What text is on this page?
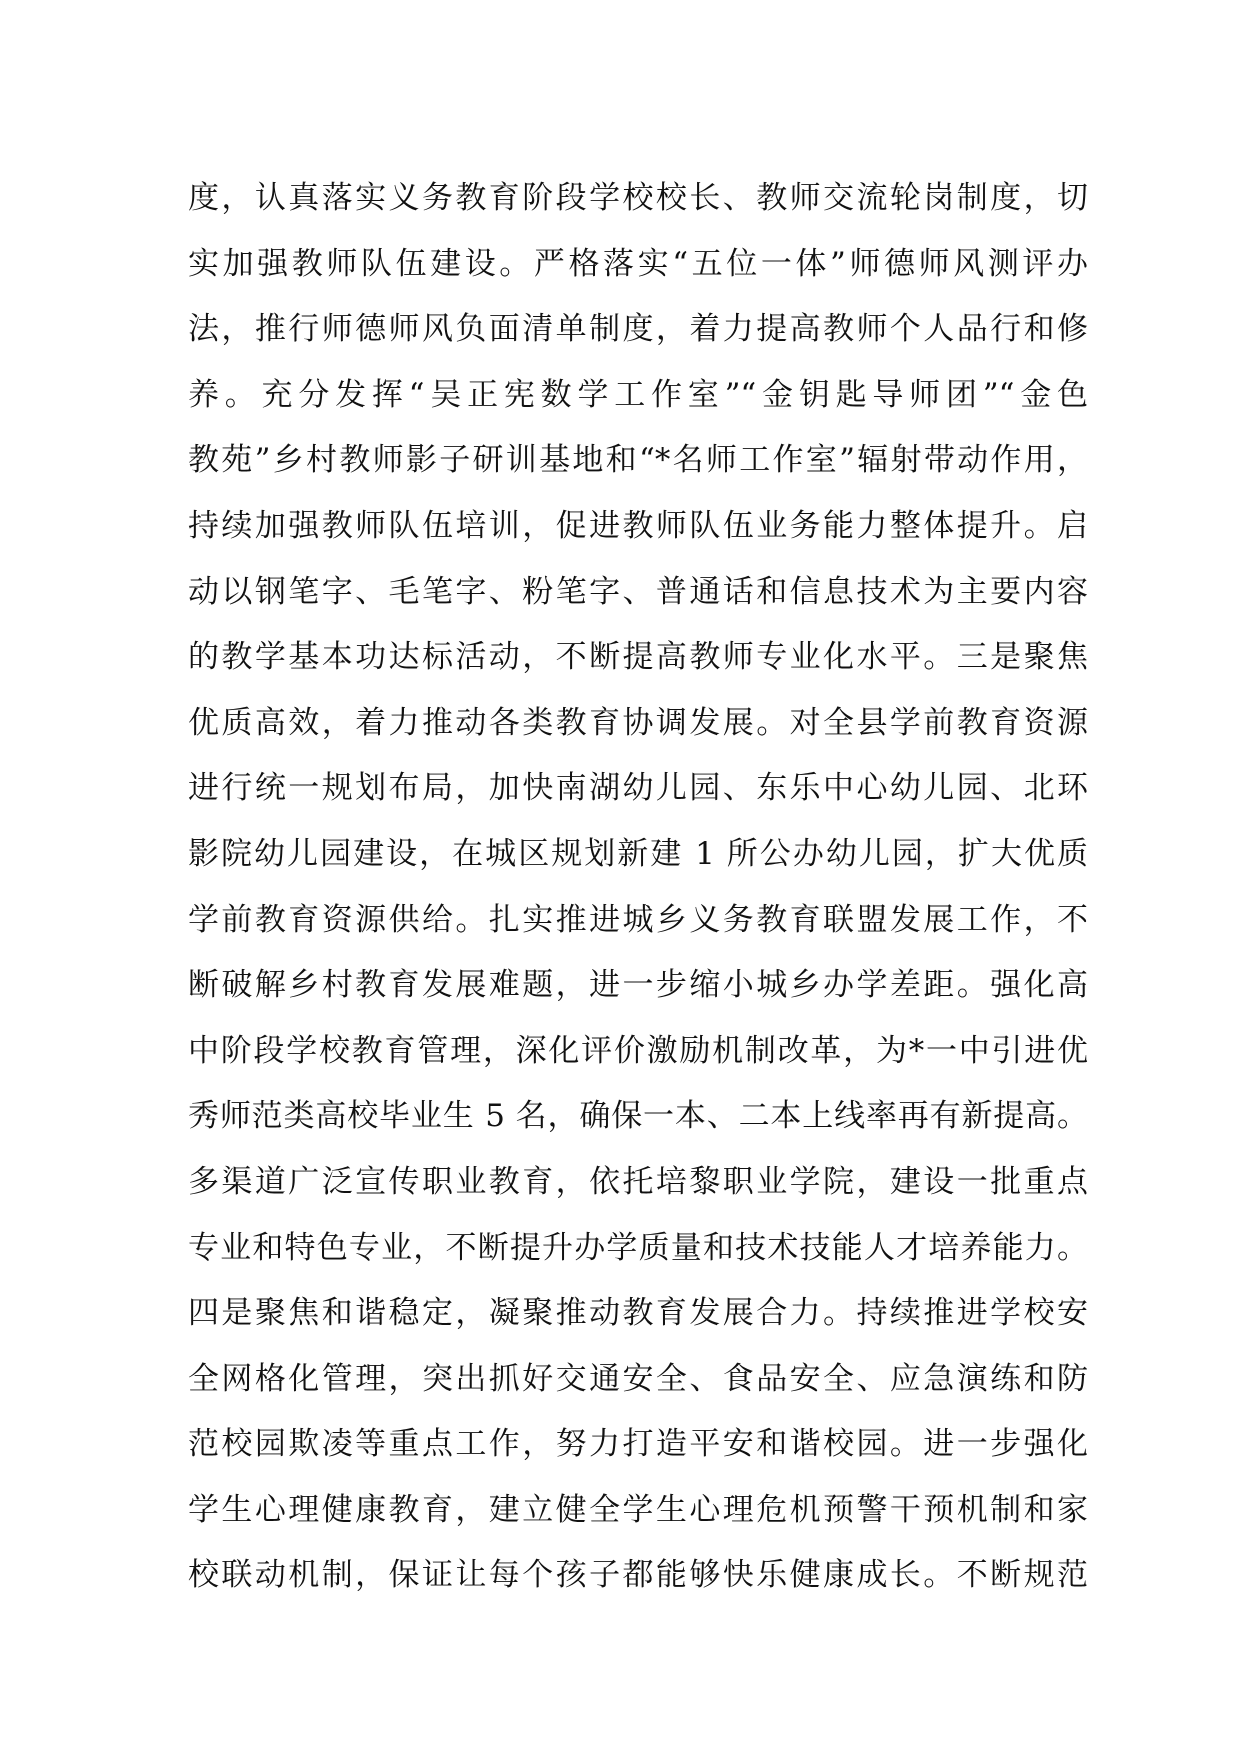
度，认真落实义务教育阶段学校校长、教师交流轮岗制度，切
实加强教师队伍建设。严格落实“五位一体”师德师风测评办
法，推行师德师风负面清单制度，着力提高教师个人品行和修
养。充分发挥“吴正宪数学工作室”“金钥匙导师团”“金色
教苑”乡村教师影子研训基地和“*名师工作室”辐射带动作用，
持续加强教师队伍培训，促进教师队伍业务能力整体提升。启
动以钢笔字、毛笔字、粉笔字、普通话和信息技术为主要内容
的教学基本功达标活动，不断提高教师专业化水平。三是聚焦
优质高效，着力推动各类教育协调发展。对全县学前教育资源
进行统一规划布局，加快南湖幼儿园、东乐中心幼儿园、北环
影院幼儿园建设，在城区规划新建 1 所公办幼儿园，扩大优质
学前教育资源供给。扎实推进城乡义务教育联盟发展工作，不
断破解乡村教育发展难题，进一步缩小城乡办学差距。强化高
中阶段学校教育管理，深化评价激励机制改革，为*一中引进优
秀师范类高校毕业生 5 名，确保一本、二本上线率再有新提高。
多渠道广泛宣传职业教育，依托培黎职业学院，建设一批重点
专业和特色专业，不断提升办学质量和技术技能人才培养能力。
四是聚焦和谐稳定，凝聚推动教育发展合力。持续推进学校安
全网格化管理，突出抓好交通安全、食品安全、应急演练和防
范校园欺凌等重点工作，努力打造平安和谐校园。进一步强化
学生心理健康教育，建立健全学生心理危机预警干预机制和家
校联动机制，保证让每个孩子都能够快乐健康成长。不断规范
